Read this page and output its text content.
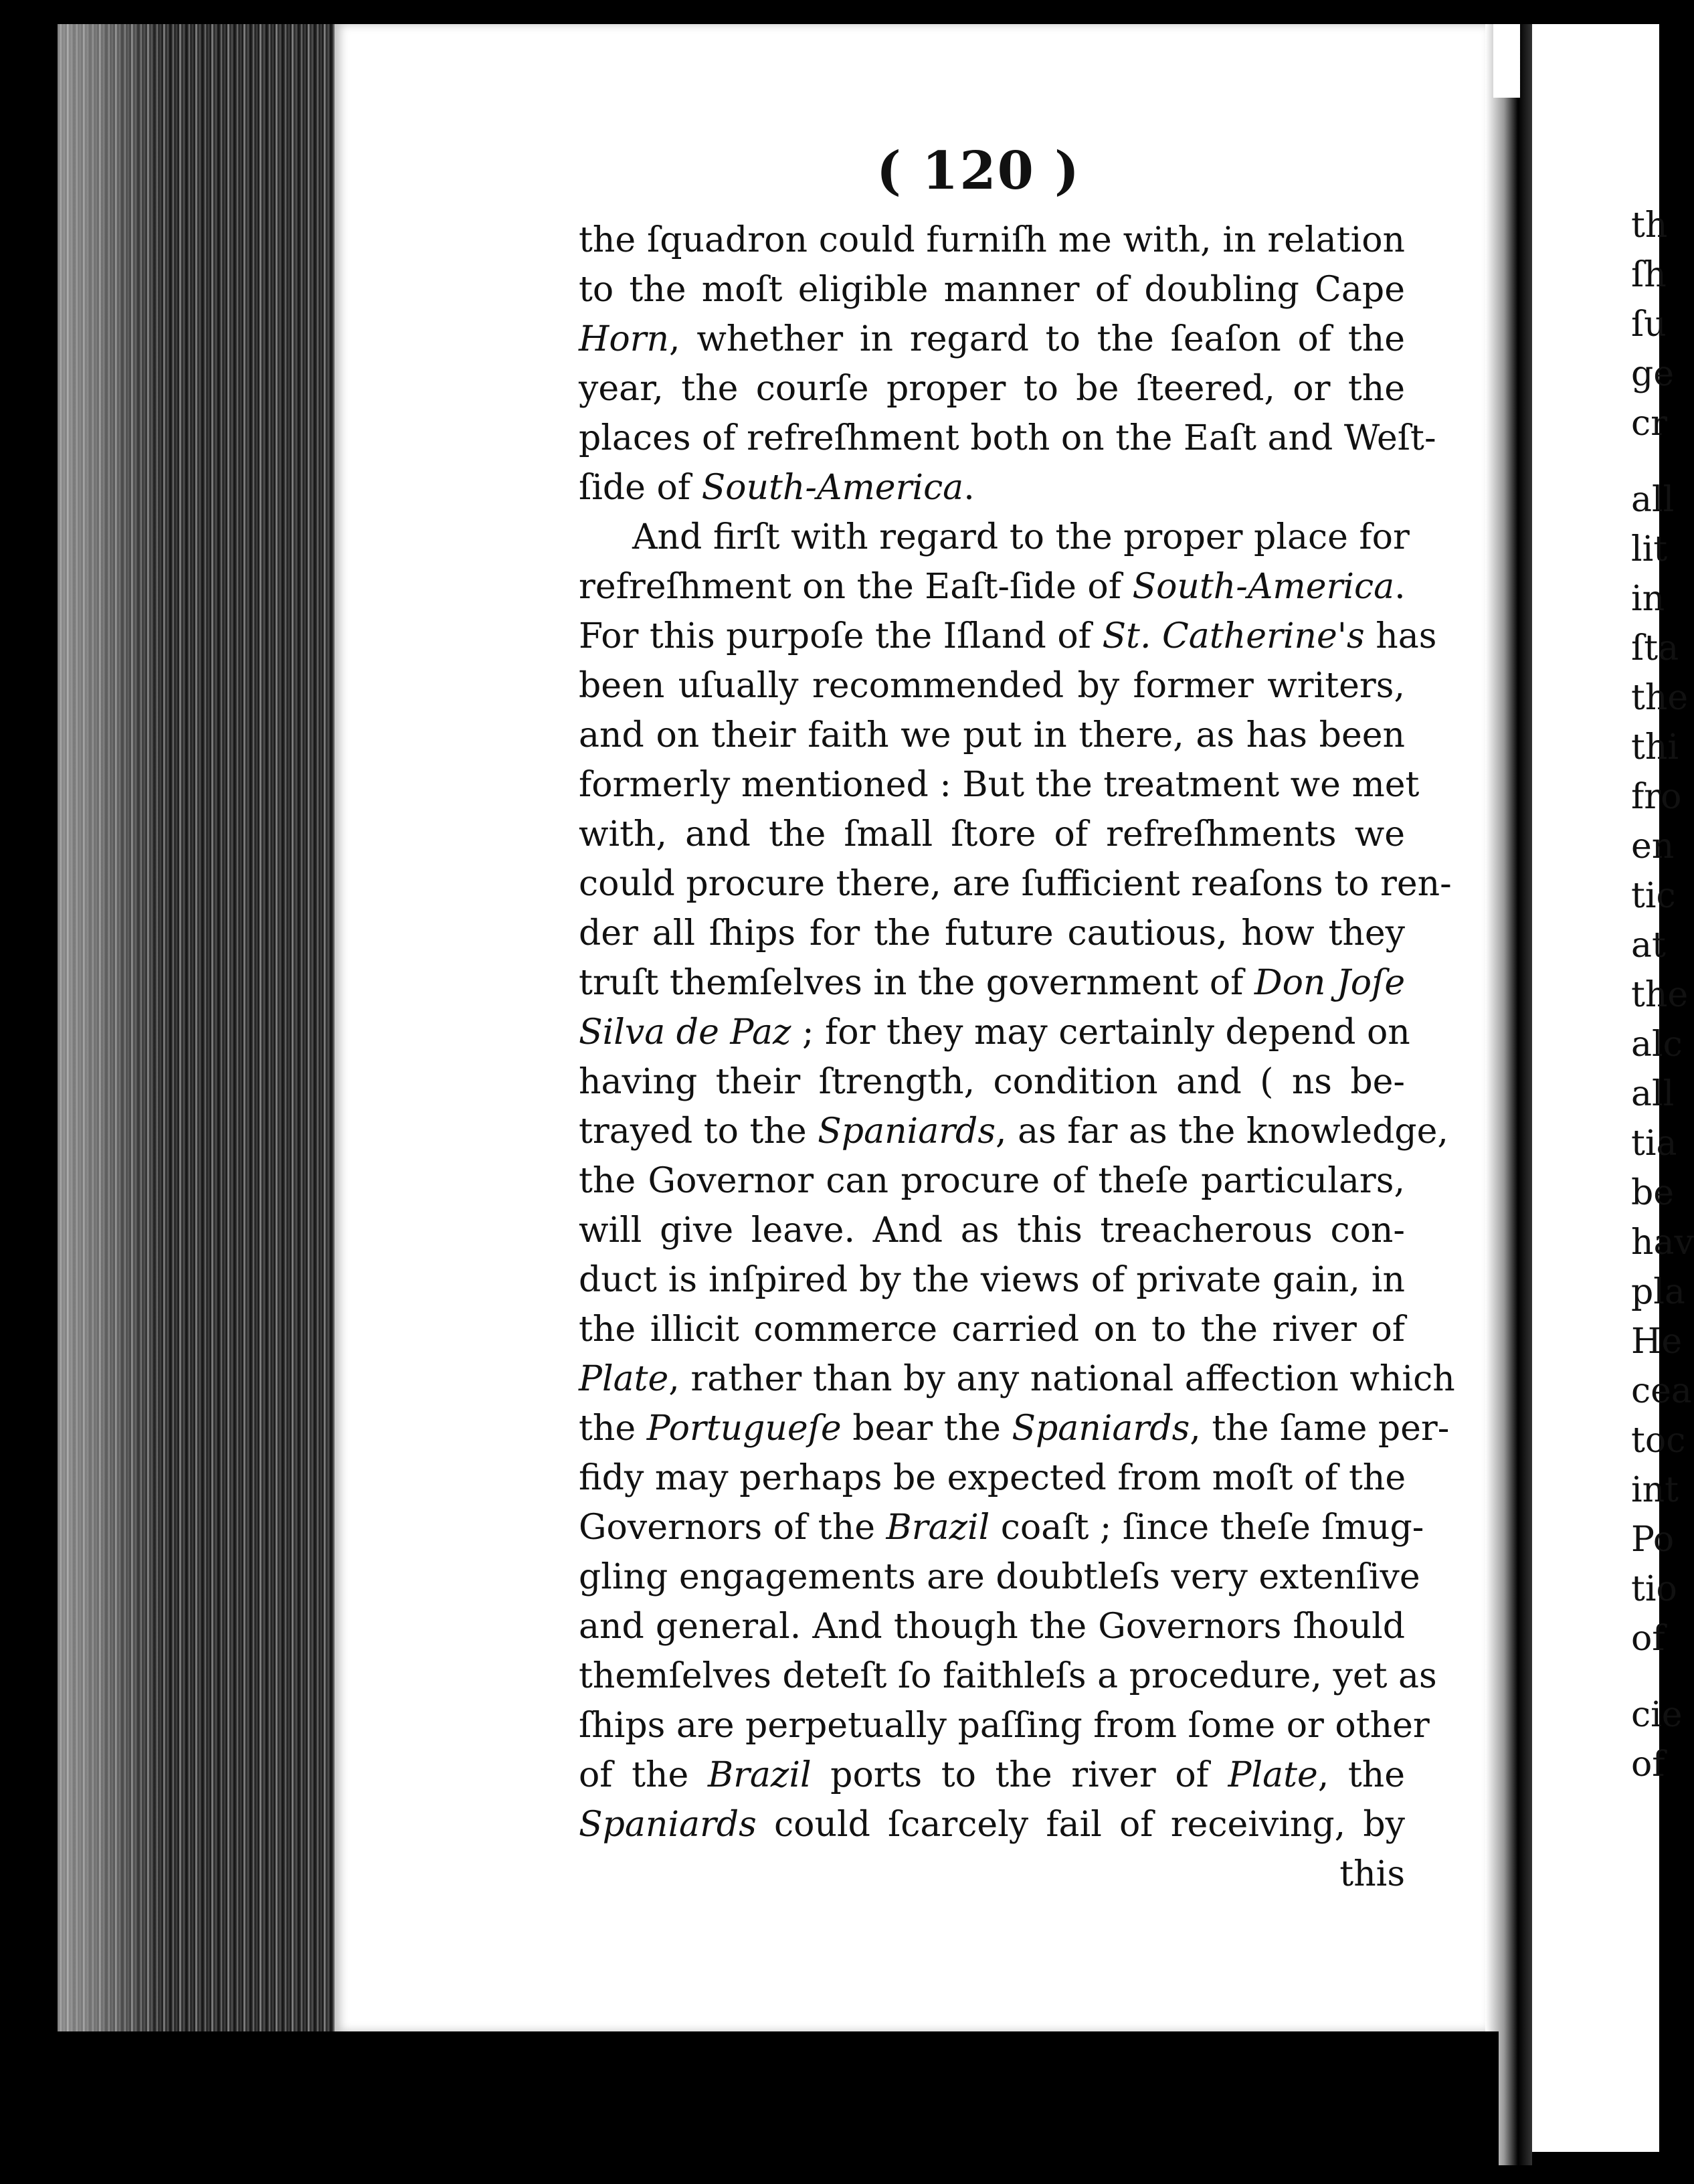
( 120 )
the ſquadron could furniſh me with, in relation
to the moſt eligible manner of doubling Cape
Horn, whether in regard to the ſeaſon of the
year, the courſe proper to be ſteered, or the
places of refreſhment both on the Eaſt and Weſt-
ſide of South-America.
And firſt with regard to the proper place for
refreſhment on the Eaſt-ſide of South-America.
For this purpoſe the Iſland of St. Catherine's has
been uſually recommended by former writers,
and on their faith we put in there, as has been
formerly mentioned : But the treatment we met
with, and the ſmall ſtore of refreſhments we
could procure there, are ſufficient reaſons to ren-
der all ſhips for the future cautious, how they
truſt themſelves in the government of Don Joſe
Silva de Paz ; for they may certainly d⁠epend on
having their ſtrength, condition and ( ns be-
trayed to the Spaniards, as far as the knowledge,
the Governor can procure of theſe particulars,
will give leave. And as this treacherous con-
duct is inſpired by the views of private gain, in
the illicit commerce carried on to the river of
Plate, rather than by any national affection which
the Portugueſe bear the Spaniards, the ſame per-
fidy may perhaps be expected from moſt of the
Governors of the Brazil coaſt ; ſince theſe ſmug-
gling engagements are doubtleſs very extenſive
and general. And though the Governors ſhould
themſelves deteſt ſo faithleſs a procedure, yet as
ſhips are perpetually paſſing from ſome or other
of the Brazil ports to the river of Plate, the
Spaniards could ſcarcely fail of receiving, by
this
th
ſh
ſu
ge
cr
all
lit
in
ſta
the
thi
fro
en
tic
at
the
alc
all
tia
be
hav
pla
He
cea
toc
int
Po
tio
of
cie
of
